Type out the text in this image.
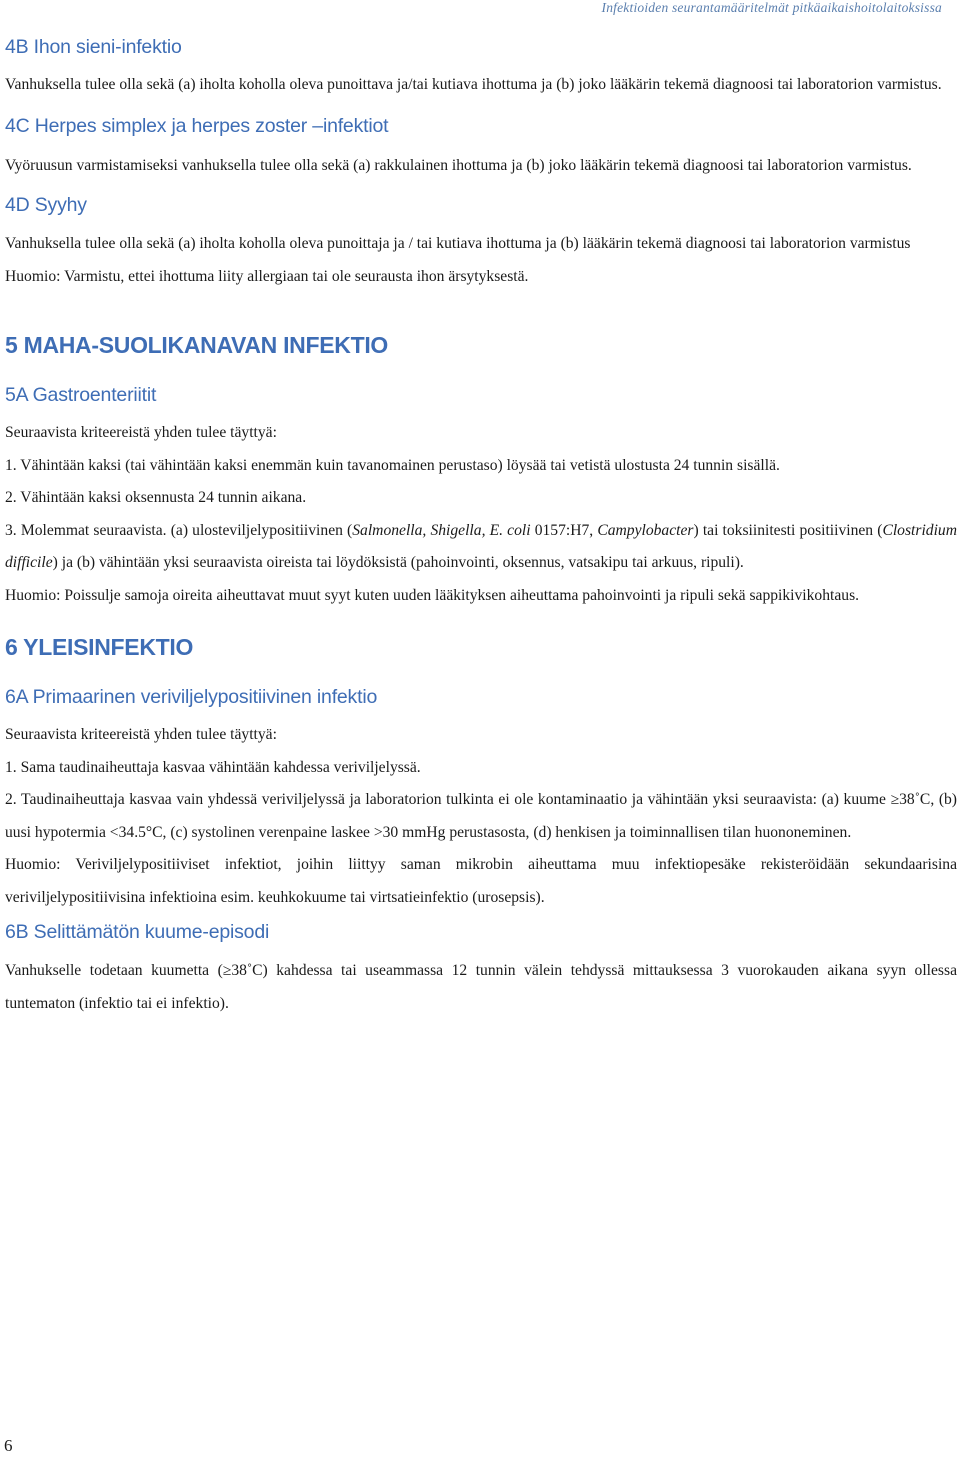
Infektioiden seurantamääritelmät pitkäaikaishoitolaitoksissa
4B Ihon sieni-infektio

Vanhuksella tulee olla sekä (a) iholta koholla oleva punoittava ja/tai kutiava ihottuma ja (b) joko lääkärin tekemä diagnoosi tai laboratorion varmistus.

4C Herpes simplex ja herpes zoster –infektiot

Vyöruusun varmistamiseksi vanhuksella tulee olla sekä (a) rakkulainen ihottuma ja (b) joko lääkärin tekemä diagnoosi tai laboratorion varmistus.

4D Syyhy

Vanhuksella tulee olla sekä (a) iholta koholla oleva punoittaja ja / tai kutiava ihottuma ja (b) lääkärin tekemä diagnoosi tai laboratorion varmistus

Huomio: Varmistu, ettei ihottuma liity allergiaan tai ole seurausta ihon ärsytyksestä.

5 MAHA-SUOLIKANAVAN INFEKTIO
5A Gastroenteriitit

Seuraavista kriteereistä yhden tulee täyttyä:

1. Vähintään kaksi (tai vähintään kaksi enemmän kuin tavanomainen perustaso) löysää tai vetistä ulostusta 24 tunnin sisällä.

2. Vähintään kaksi oksennusta 24 tunnin aikana.

3. Molemmat seuraavista. (a) ulosteviljelypositiivinen (Salmonella, Shigella, E. coli 0157:H7, Campylobacter) tai toksiinitesti positiivinen (Clostridium difficile) ja (b) vähintään yksi seuraavista oireista tai löydöksistä (pahoinvointi, oksennus, vatsakipu tai arkuus, ripuli).

Huomio: Poissulje samoja oireita aiheuttavat muut syyt kuten uuden lääkityksen aiheuttama pahoinvointi ja ripuli sekä sappikivikohtaus.

6 YLEISINFEKTIO
6A Primaarinen veriviljelypositiivinen infektio

Seuraavista kriteereistä yhden tulee täyttyä:

1. Sama taudinaiheuttaja kasvaa vähintään kahdessa veriviljelyssä.

2. Taudinaiheuttaja kasvaa vain yhdessä veriviljelyssä ja laboratorion tulkinta ei ole kontaminaatio ja vähintään yksi seuraavista: (a) kuume ≥38˚C, (b) uusi hypotermia <34.5°C, (c) systolinen verenpaine laskee >30 mmHg perustasosta, (d) henkisen ja toiminnallisen tilan huononeminen.

Huomio: Veriviljelypositiiviset infektiot, joihin liittyy saman mikrobin aiheuttama muu infektiopesäke rekisteröidään sekundaarisina veriviljelypositiivisina infektioina esim. keuhkokuume tai virtsatieinfektio (urosepsis).

6B Selittämätön kuume-episodi

Vanhukselle todetaan kuumetta (≥38˚C) kahdessa tai useammassa 12 tunnin välein tehdyssä mittauksessa 3 vuorokauden aikana syyn ollessa tuntematon (infektio tai ei infektio).

6
